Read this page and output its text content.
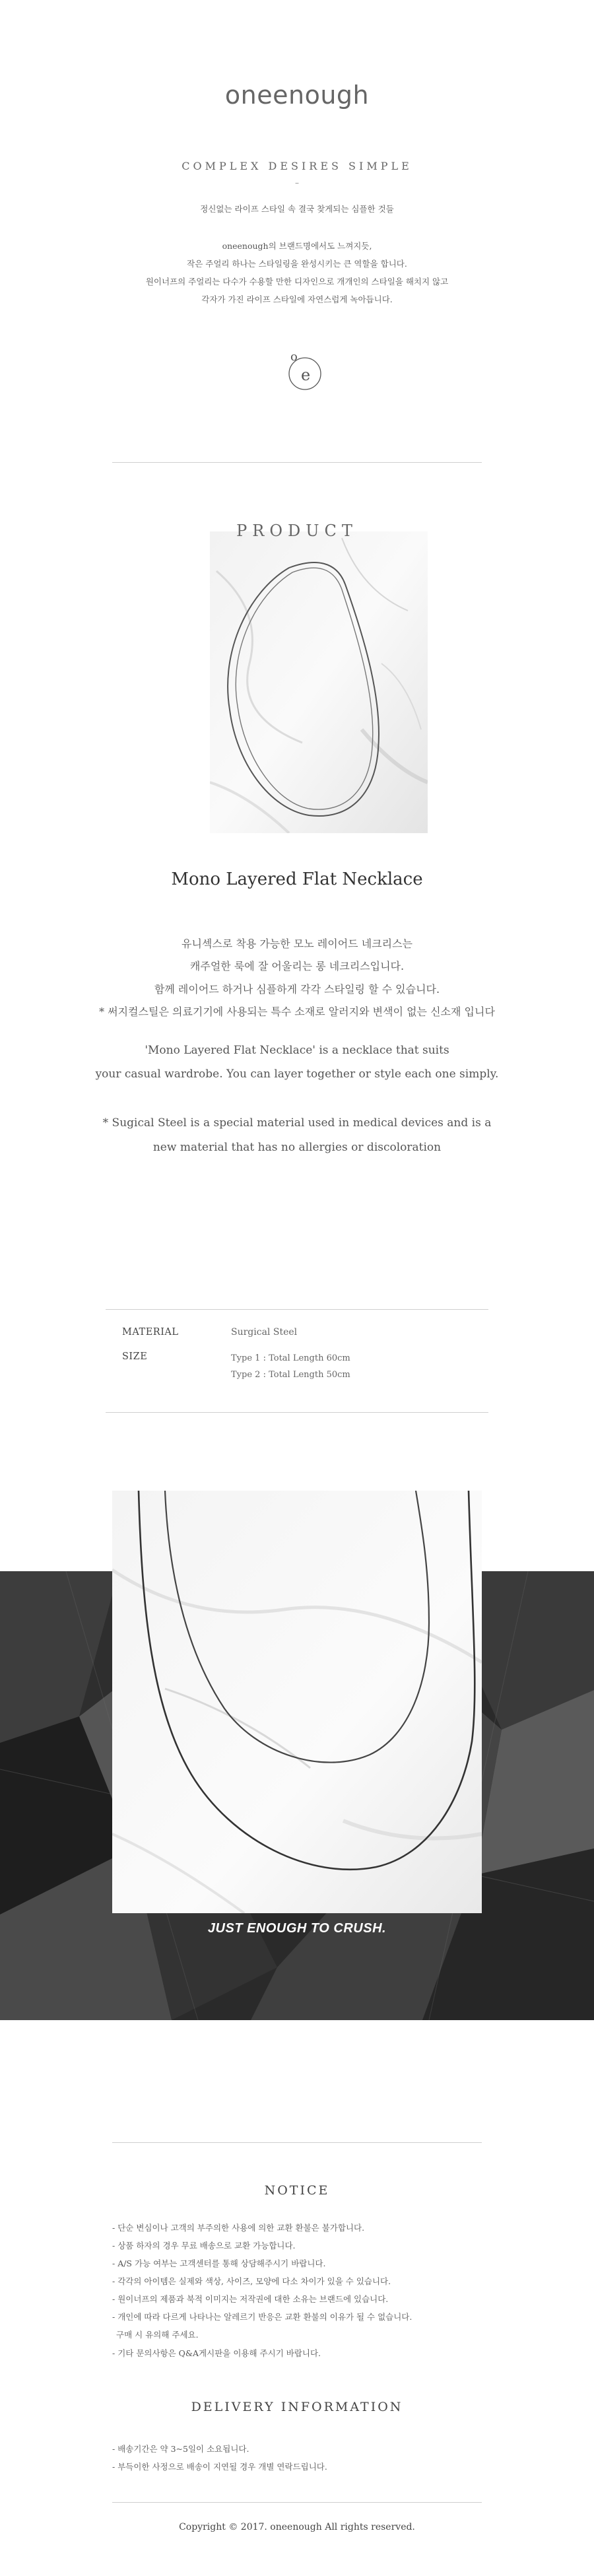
oneenough
COMPLEX DESIRES SIMPLE
–
정신없는 라이프 스타일 속 결국 찾게되는 심플한 것들
oneenough의 브랜드명에서도 느껴지듯,
작은 주얼리 하나는 스타일링을 완성시키는 큰 역할을 합니다.
원이너프의 주얼리는 다수가 수용할 만한 디자인으로 개개인의 스타일을 해치지 않고
각자가 가진 라이프 스타일에 자연스럽게 녹아듭니다.
o
e
PRODUCT
Mono Layered Flat Necklace
유니섹스로 착용 가능한 모노 레이어드 네크리스는
캐주얼한 룩에 잘 어울리는 롱 네크리스입니다.
함께 레이어드 하거나 심플하게 각각 스타일링 할 수 있습니다.
* 써지컬스틸은 의료기기에 사용되는 특수 소재로 알러지와 변색이 없는 신소재 입니다
'Mono Layered Flat Necklace' is a necklace that suits
your casual wardrobe. You can layer together or style each one simply.
* Sugical Steel is a special material used in medical devices and is a
new material that has no allergies or discoloration
MATERIAL	Surgical Steel
SIZE	Type 1 : Total Length 60cm
Type 2 : Total Length 50cm
JUST ENOUGH TO CRUSH.
NOTICE
- 단순 변심이나 고객의 부주의한 사용에 의한 교환 환불은 불가합니다.
- 상품 하자의 경우 무료 배송으로 교환 가능합니다.
- A/S 가능 여부는 고객센터를 통해 상담해주시기 바랍니다.
- 각각의 아이템은 실제와 색상, 사이즈, 모양에 다소 차이가 있을 수 있습니다.
- 원이너프의 제품과 북적 이미지는 저작권에 대한 소유는 브랜드에 있습니다.
- 개인에 따라 다르게 나타나는 알레르기 반응은 교환 환불의 이유가 될 수 없습니다.
구매 시 유의해 주세요.
- 기타 문의사항은 Q&A게시판을 이용해 주시기 바랍니다.
DELIVERY INFORMATION
- 배송기간은 약 3~5일이 소요됩니다.
- 부득이한 사정으로 배송이 지연될 경우 개별 연락드립니다.
Copyright © 2017. oneenough All rights reserved.
